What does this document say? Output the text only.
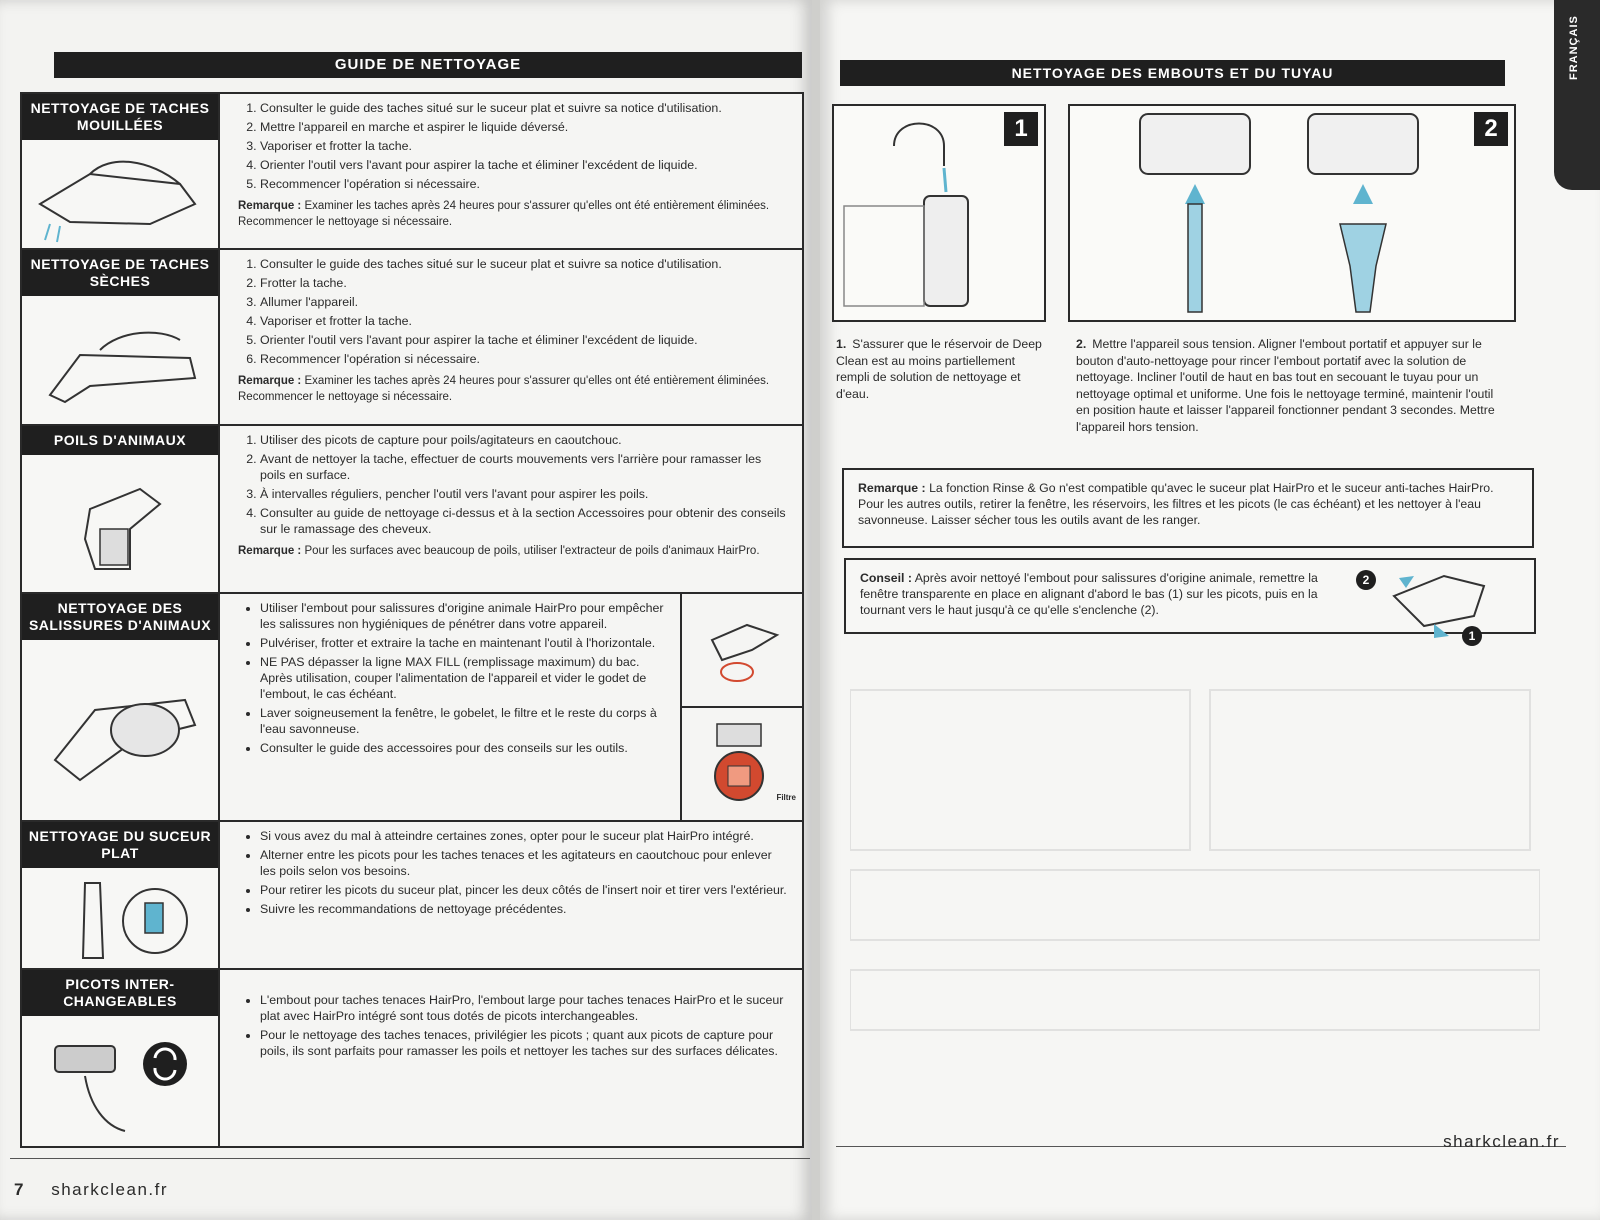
GUIDE DE NETTOYAGE
NETTOYAGE DE TACHES MOUILLÉES
1. Consulter le guide des taches situé sur le suceur plat et suivre sa notice d'utilisation.
2. Mettre l'appareil en marche et aspirer le liquide déversé.
3. Vaporiser et frotter la tache.
4. Orienter l'outil vers l'avant pour aspirer la tache et éliminer l'excédent de liquide.
5. Recommencer l'opération si nécessaire.
Remarque : Examiner les taches après 24 heures pour s'assurer qu'elles ont été entièrement éliminées. Recommencer le nettoyage si nécessaire.
NETTOYAGE DE TACHES SÈCHES
1. Consulter le guide des taches situé sur le suceur plat et suivre sa notice d'utilisation.
2. Frotter la tache.
3. Allumer l'appareil.
4. Vaporiser et frotter la tache.
5. Orienter l'outil vers l'avant pour aspirer la tache et éliminer l'excédent de liquide.
6. Recommencer l'opération si nécessaire.
Remarque : Examiner les taches après 24 heures pour s'assurer qu'elles ont été entièrement éliminées. Recommencer le nettoyage si nécessaire.
POILS D'ANIMAUX	1. Utiliser des picots de capture pour poils/agitateurs en caoutchouc.
2. Avant de nettoyer la tache, effectuer de courts mouvements vers l'arrière pour ramasser les poils en surface.
3. À intervalles réguliers, pencher l'outil vers l'avant pour aspirer les poils.
4. Consulter au guide de nettoyage ci-dessus et à la section Accessoires pour obtenir des conseils sur le ramassage des cheveux.
Remarque : Pour les surfaces avec beaucoup de poils, utiliser l'extracteur de poils d'animaux HairPro.
NETTOYAGE DES SALISSURES D'ANIMAUX
• Utiliser l'embout pour salissures d'origine animale HairPro pour empêcher les salissures non hygiéniques de pénétrer dans votre appareil.
• Pulvériser, frotter et extraire la tache en maintenant l'outil à l'horizontale.
• NE PAS dépasser la ligne MAX FILL (remplissage maximum) du bac. Après utilisation, couper l'alimentation de l'appareil et vider le godet de l'embout, le cas échéant.
• Laver soigneusement la fenêtre, le gobelet, le filtre et le reste du corps à l'eau savonneuse.
• Consulter le guide des accessoires pour des conseils sur les outils.
Filtre
NETTOYAGE DU SUCEUR PLAT
• Si vous avez du mal à atteindre certaines zones, opter pour le suceur plat HairPro intégré.
• Alterner entre les picots pour les taches tenaces et les agitateurs en caoutchouc pour enlever les poils selon vos besoins.
• Pour retirer les picots du suceur plat, pincer les deux côtés de l'insert noir et tirer vers l'extérieur.
• Suivre les recommandations de nettoyage précédentes.
PICOTS INTER-CHANGEABLES	• L'embout pour taches tenaces HairPro, l'embout large pour taches tenaces HairPro et le suceur plat avec HairPro intégré sont tous dotés de picots interchangeables.
• Pour le nettoyage des taches tenaces, privilégier les picots ; quant aux picots de capture pour poils, ils sont parfaits pour ramasser les poils et nettoyer les taches sur des surfaces délicates.
7 sharkclean.fr
FRANÇAIS
NETTOYAGE DES EMBOUTS ET DU TUYAU
1	2
1. S'assurer que le réservoir de Deep Clean est au moins partiellement rempli de solution de nettoyage et d'eau.
2. Mettre l'appareil sous tension. Aligner l'embout portatif et appuyer sur le bouton d'auto-nettoyage pour rincer l'embout portatif avec la solution de nettoyage. Incliner l'outil de haut en bas tout en secouant le tuyau pour un nettoyage optimal et uniforme. Une fois le nettoyage terminé, maintenir l'outil en position haute et laisser l'appareil fonctionner pendant 3 secondes. Mettre l'appareil hors tension.
Remarque : La fonction Rinse & Go n'est compatible qu'avec le suceur plat HairPro et le suceur anti-taches HairPro. Pour les autres outils, retirer la fenêtre, les réservoirs, les filtres et les picots (le cas échéant) et les nettoyer à l'eau savonneuse. Laisser sécher tous les outils avant de les ranger.
Conseil : Après avoir nettoyé l'embout pour salissures d'origine animale, remettre la fenêtre transparente en place en alignant d'abord le bas (1) sur les picots, puis en la tournant vers le haut jusqu'à ce qu'elle s'enclenche (2).
2
1
sharkclean.fr
